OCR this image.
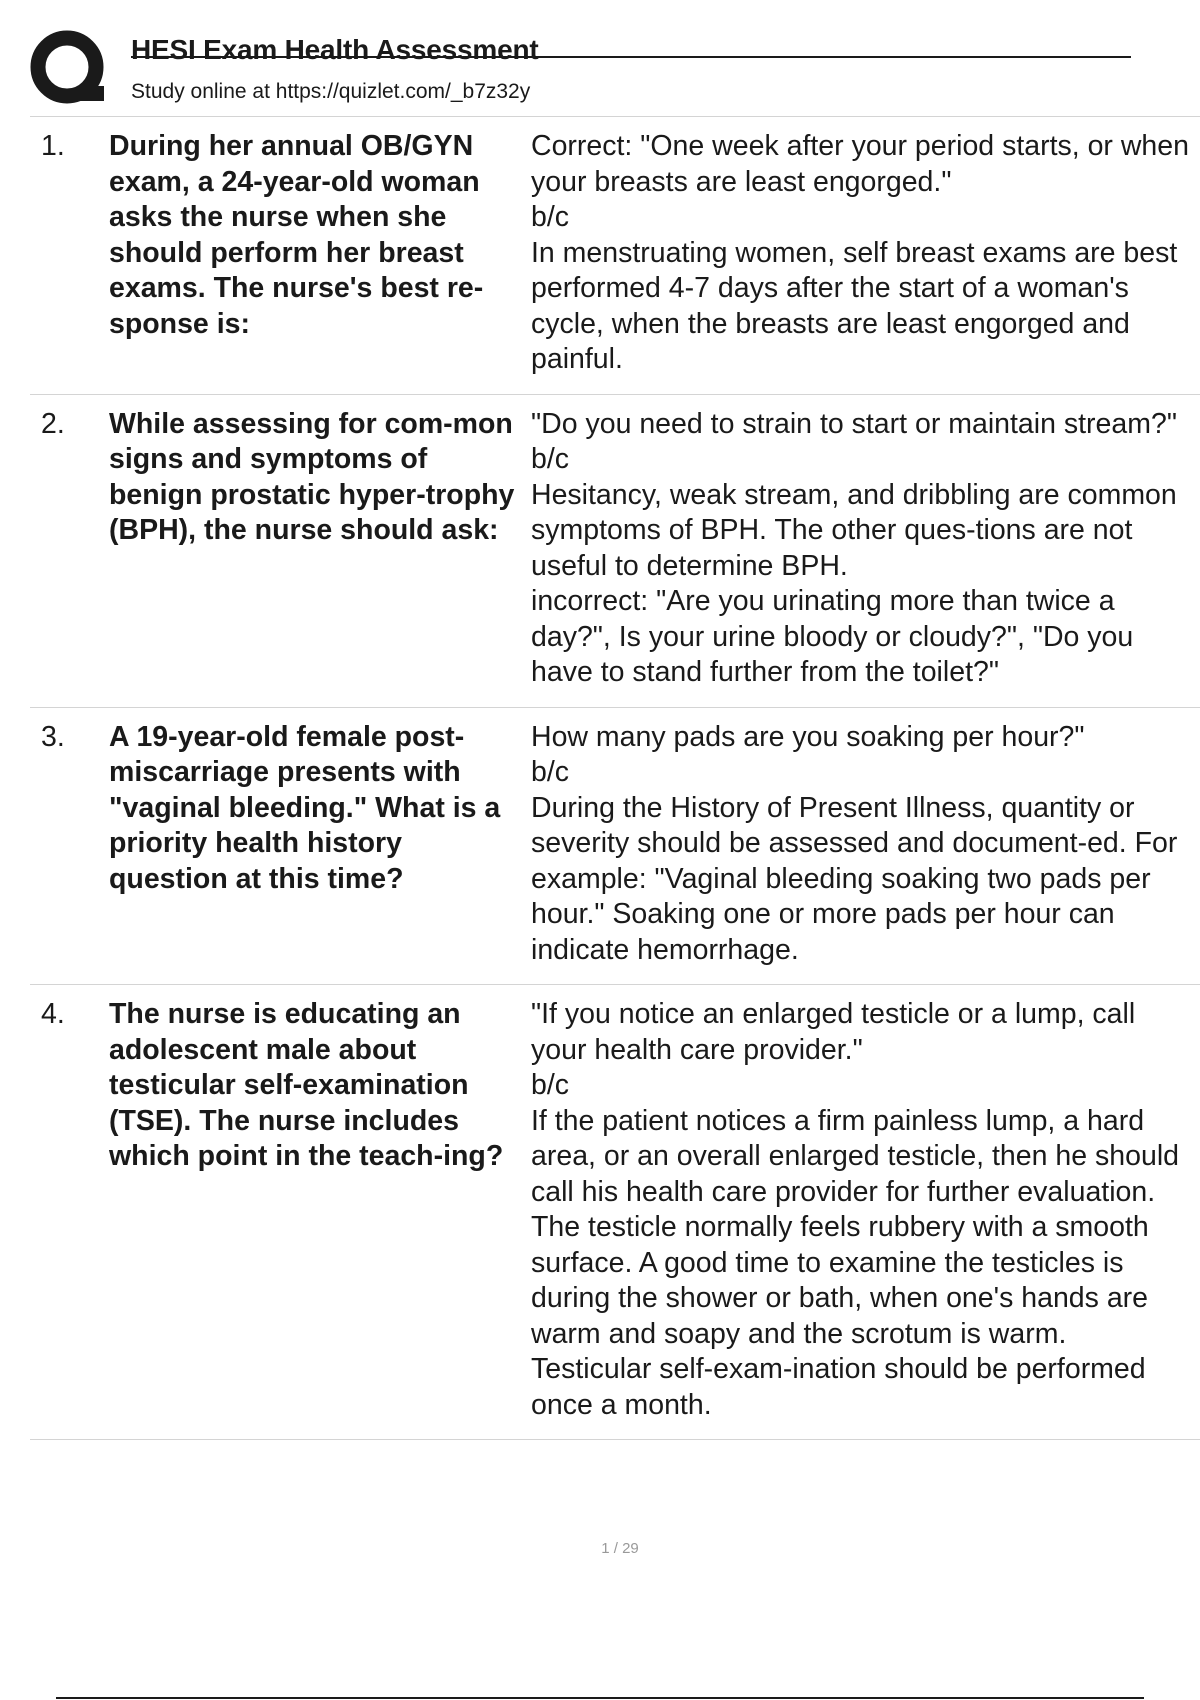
HESI Exam Health Assessment
Study online at https://quizlet.com/_b7z32y
1.	During her annual OB/GYN exam, a 24-year-old woman asks the nurse when she should perform her breast exams. The nurse's best re-sponse is:
Correct: "One week after your period starts, or when your breasts are least engorged."
b/c
In menstruating women, self breast exams are best performed 4-7 days after the start of a woman's cycle, when the breasts are least engorged and painful.
2.	While assessing for com-mon signs and symptoms of benign prostatic hyper-trophy (BPH), the nurse should ask:
"Do you need to strain to start or maintain stream?"
b/c
Hesitancy, weak stream, and dribbling are common symptoms of BPH. The other ques-tions are not useful to determine BPH.
incorrect: "Are you urinating more than twice a day?", Is your urine bloody or cloudy?", "Do you have to stand further from the toilet?"
3.	A 19-year-old female post-miscarriage presents with "vaginal bleeding." What is a priority health history question at this time?
How many pads are you soaking per hour?"
b/c
During the History of Present Illness, quantity or severity should be assessed and document-ed. For example: "Vaginal bleeding soaking two pads per hour." Soaking one or more pads per hour can indicate hemorrhage.
4.	The nurse is educating an adolescent male about testicular self-examination (TSE). The nurse includes which point in the teach-ing?
"If you notice an enlarged testicle or a lump, call your health care provider."
b/c
If the patient notices a firm painless lump, a hard area, or an overall enlarged testicle, then he should call his health care provider for further evaluation. The testicle normally feels rubbery with a smooth surface. A good time to examine the testicles is during the shower or bath, when one's hands are warm and soapy and the scrotum is warm. Testicular self-exam-ination should be performed once a month.
1 / 29
